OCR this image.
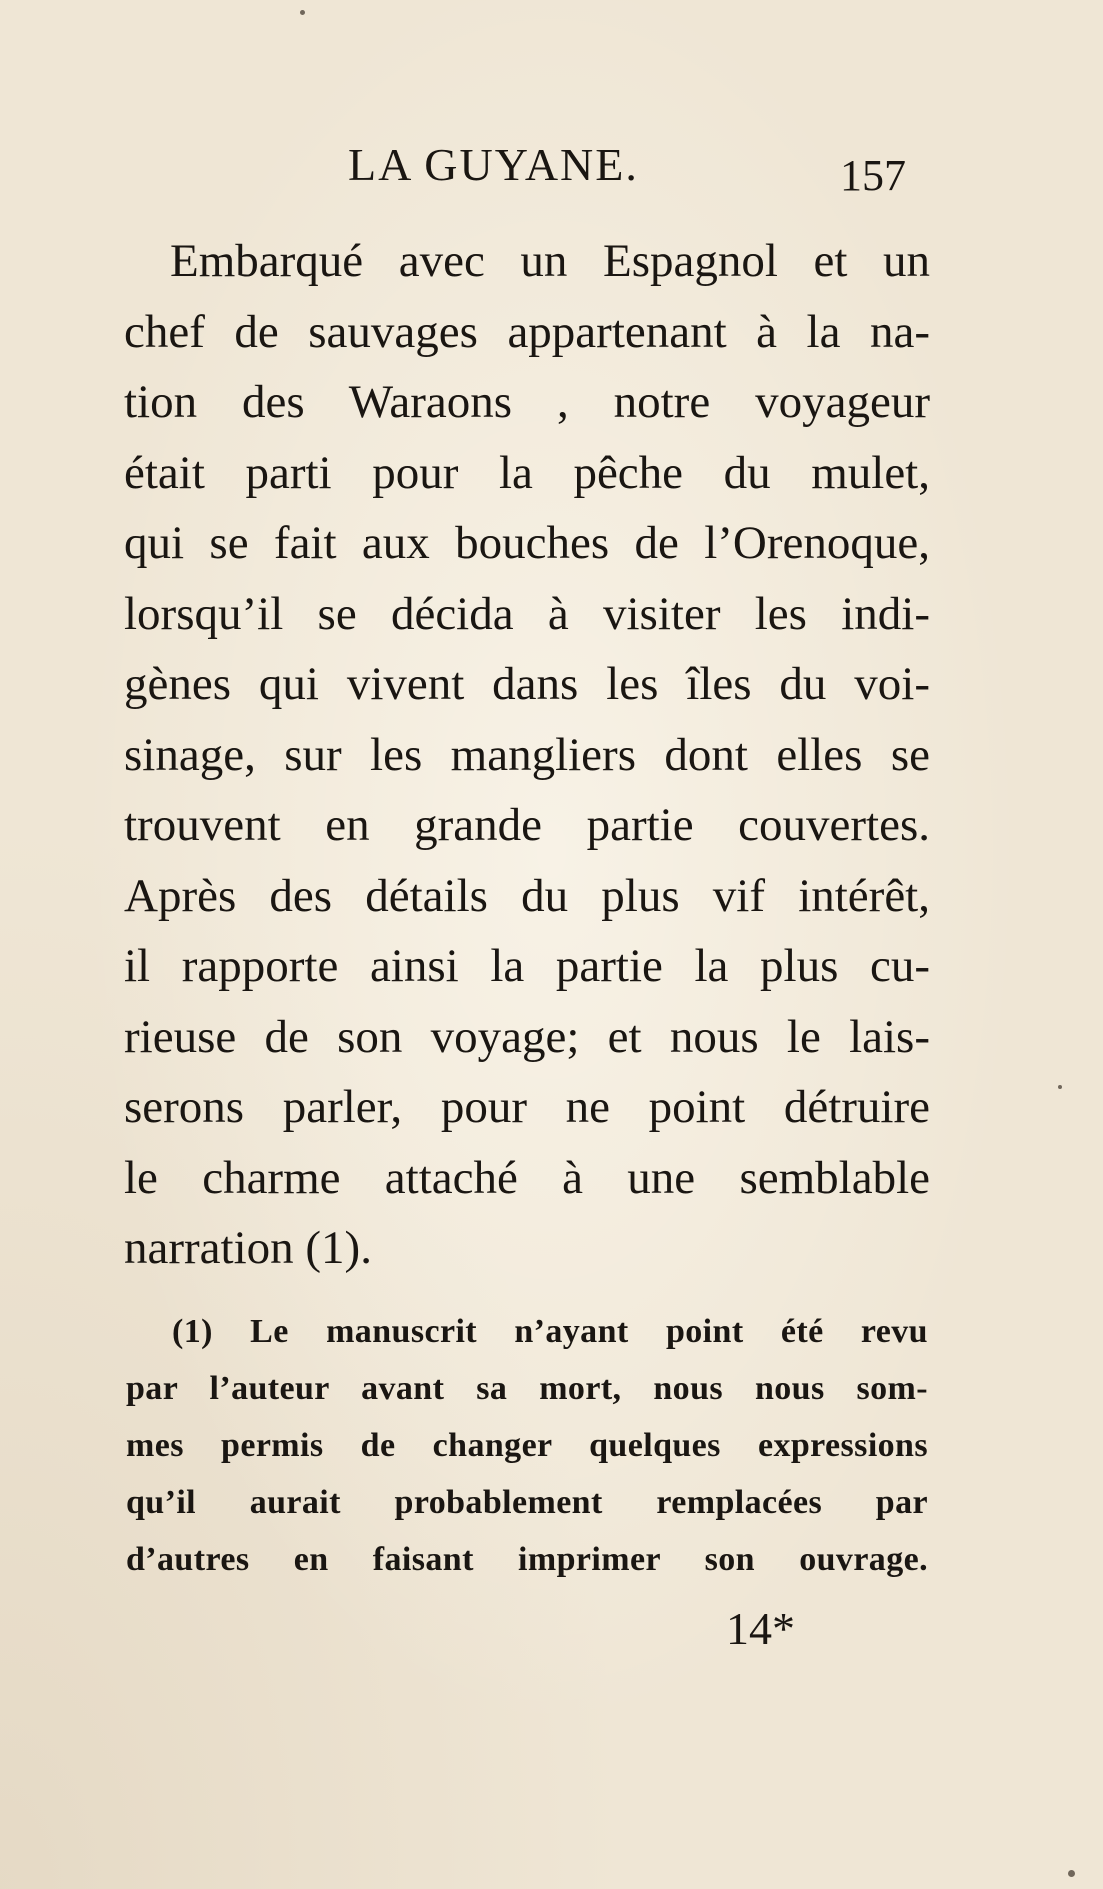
LA GUYANE.	157
Embarqué avec un Espagnol et un
chef de sauvages appartenant à la na-
tion des Waraons , notre voyageur
était parti pour la pêche du mulet,
qui se fait aux bouches de l’Orenoque,
lorsqu’il se décida à visiter les indi-
gènes qui vivent dans les îles du voi-
sinage, sur les mangliers dont elles se
trouvent en grande partie couvertes.
Après des détails du plus vif intérêt,
il rapporte ainsi la partie la plus cu-
rieuse de son voyage; et nous le lais-
serons parler, pour ne point détruire
le charme attaché à une semblable
narration (1).
(1) Le manuscrit n’ayant point été revu
par l’auteur avant sa mort, nous nous som-
mes permis de changer quelques expressions
qu’il aurait probablement remplacées par
d’autres en faisant imprimer son ouvrage.
14*
